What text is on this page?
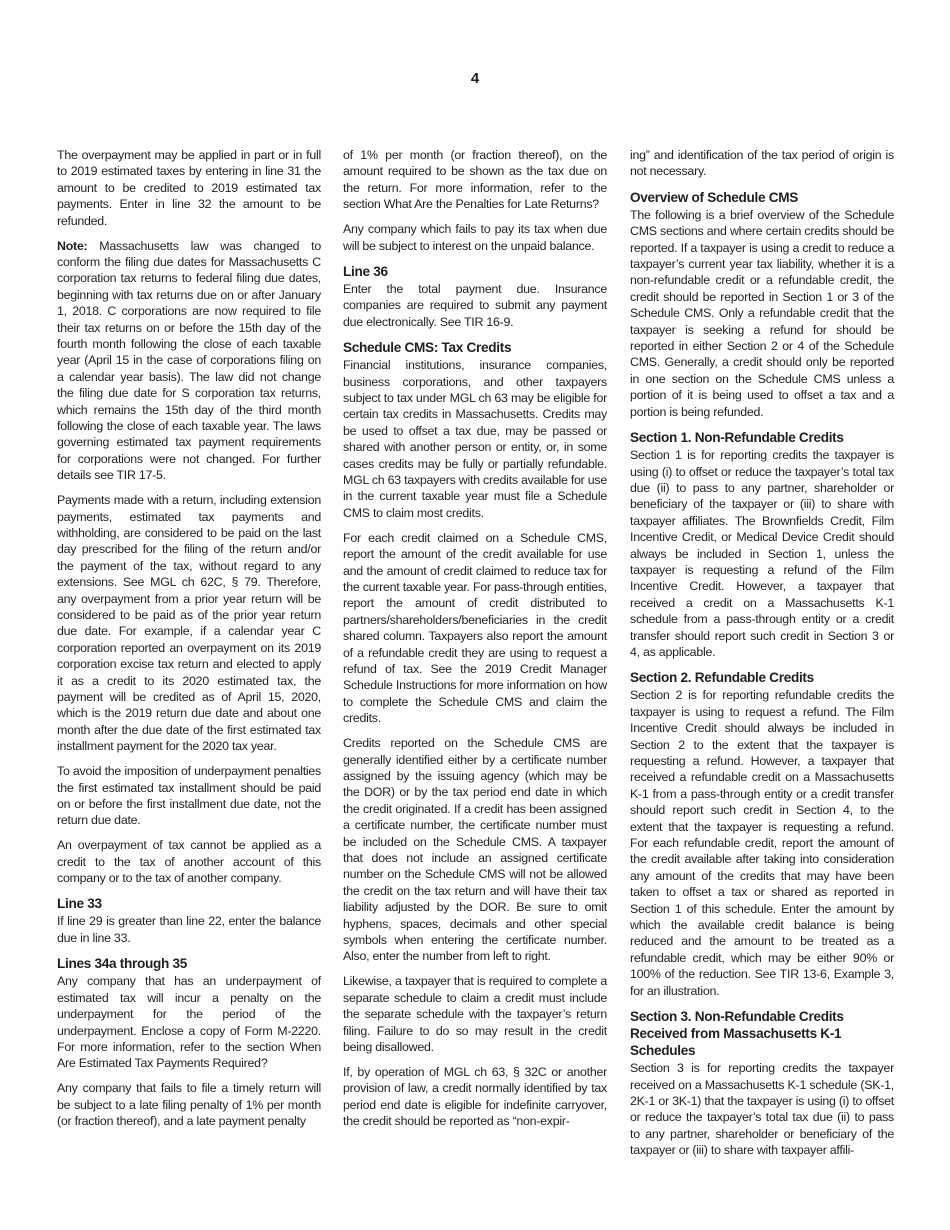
4

The overpayment may be applied in part or in full to 2019 estimated taxes by entering in line 31 the amount to be credited to 2019 estimated tax payments. Enter in line 32 the amount to be refunded.

Note: Massachusetts law was changed to conform the filing due dates for Massachusetts C corporation tax returns to federal filing due dates, beginning with tax returns due on or after January 1, 2018. C corporations are now required to file their tax returns on or before the 15th day of the fourth month following the close of each taxable year (April 15 in the case of corporations filing on a calendar year basis). The law did not change the filing due date for S corporation tax returns, which remains the 15th day of the third month following the close of each taxable year. The laws governing estimated tax payment requirements for corporations were not changed. For further details see TIR 17-5.

Payments made with a return, including extension payments, estimated tax payments and withholding, are considered to be paid on the last day prescribed for the filing of the return and/or the payment of the tax, without regard to any extensions. See MGL ch 62C, § 79. Therefore, any overpayment from a prior year return will be considered to be paid as of the prior year return due date. For example, if a calendar year C corporation reported an overpayment on its 2019 corporation excise tax return and elected to apply it as a credit to its 2020 estimated tax, the payment will be credited as of April 15, 2020, which is the 2019 return due date and about one month after the due date of the first estimated tax installment payment for the 2020 tax year.

To avoid the imposition of underpayment penalties the first estimated tax installment should be paid on or before the first installment due date, not the return due date.

An overpayment of tax cannot be applied as a credit to the tax of another account of this company or to the tax of another company.

Line 33

If line 29 is greater than line 22, enter the balance due in line 33.

Lines 34a through 35

Any company that has an underpayment of estimated tax will incur a penalty on the underpayment for the period of the underpayment. Enclose a copy of Form M-2220. For more information, refer to the section When Are Estimated Tax Payments Required?

Any company that fails to file a timely return will be subject to a late filing penalty of 1% per month (or fraction thereof), and a late payment penalty

of 1% per month (or fraction thereof), on the amount required to be shown as the tax due on the return. For more information, refer to the section What Are the Penalties for Late Returns?

Any company which fails to pay its tax when due will be subject to interest on the unpaid balance.

Line 36

Enter the total payment due. Insurance companies are required to submit any payment due electronically. See TIR 16-9.

Schedule CMS: Tax Credits

Financial institutions, insurance companies, business corporations, and other taxpayers subject to tax under MGL ch 63 may be eligible for certain tax credits in Massachusetts. Credits may be used to offset a tax due, may be passed or shared with another person or entity, or, in some cases credits may be fully or partially refundable. MGL ch 63 taxpayers with credits available for use in the current taxable year must file a Schedule CMS to claim most credits.

For each credit claimed on a Schedule CMS, report the amount of the credit available for use and the amount of credit claimed to reduce tax for the current taxable year. For pass-through entities, report the amount of credit distributed to partners/shareholders/beneficiaries in the credit shared column. Taxpayers also report the amount of a refundable credit they are using to request a refund of tax. See the 2019 Credit Manager Schedule Instructions for more information on how to complete the Schedule CMS and claim the credits.

Credits reported on the Schedule CMS are generally identified either by a certificate number assigned by the issuing agency (which may be the DOR) or by the tax period end date in which the credit originated. If a credit has been assigned a certificate number, the certificate number must be included on the Schedule CMS. A taxpayer that does not include an assigned certificate number on the Schedule CMS will not be allowed the credit on the tax return and will have their tax liability adjusted by the DOR. Be sure to omit hyphens, spaces, decimals and other special symbols when entering the certificate number. Also, enter the number from left to right.

Likewise, a taxpayer that is required to complete a separate schedule to claim a credit must include the separate schedule with the taxpayer’s return filing. Failure to do so may result in the credit being disallowed.

If, by operation of MGL ch 63, § 32C or another provision of law, a credit normally identified by tax period end date is eligible for indefinite carryover, the credit should be reported as “non-expir-

ing” and identification of the tax period of origin is not necessary.

Overview of Schedule CMS

The following is a brief overview of the Schedule CMS sections and where certain credits should be reported. If a taxpayer is using a credit to reduce a taxpayer’s current year tax liability, whether it is a non-refundable credit or a refundable credit, the credit should be reported in Section 1 or 3 of the Schedule CMS. Only a refundable credit that the taxpayer is seeking a refund for should be reported in either Section 2 or 4 of the Schedule CMS. Generally, a credit should only be reported in one section on the Schedule CMS unless a portion of it is being used to offset a tax and a portion is being refunded.

Section 1. Non-Refundable Credits

Section 1 is for reporting credits the taxpayer is using (i) to offset or reduce the taxpayer’s total tax due (ii) to pass to any partner, shareholder or beneficiary of the taxpayer or (iii) to share with taxpayer affiliates. The Brownfields Credit, Film Incentive Credit, or Medical Device Credit should always be included in Section 1, unless the taxpayer is requesting a refund of the Film Incentive Credit. However, a taxpayer that received a credit on a Massachusetts K-1 schedule from a pass-through entity or a credit transfer should report such credit in Section 3 or 4, as applicable.

Section 2. Refundable Credits

Section 2 is for reporting refundable credits the taxpayer is using to request a refund. The Film Incentive Credit should always be included in Section 2 to the extent that the taxpayer is requesting a refund. However, a taxpayer that received a refundable credit on a Massachusetts K-1 from a pass-through entity or a credit transfer should report such credit in Section 4, to the extent that the taxpayer is requesting a refund. For each refundable credit, report the amount of the credit available after taking into consideration any amount of the credits that may have been taken to offset a tax or shared as reported in Section 1 of this schedule. Enter the amount by which the available credit balance is being reduced and the amount to be treated as a refundable credit, which may be either 90% or 100% of the reduction. See TIR 13-6, Example 3, for an illustration.

Section 3. Non-Refundable Credits Received from Massachusetts K-1 Schedules

Section 3 is for reporting credits the taxpayer received on a Massachusetts K-1 schedule (SK-1, 2K-1 or 3K-1) that the taxpayer is using (i) to offset or reduce the taxpayer’s total tax due (ii) to pass to any partner, shareholder or beneficiary of the taxpayer or (iii) to share with taxpayer affili-
